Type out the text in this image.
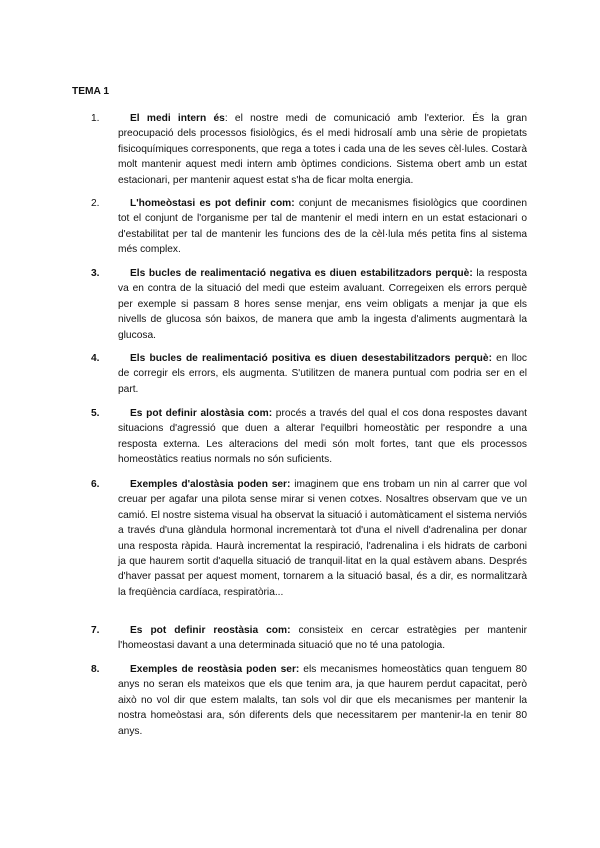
TEMA 1
1.	El medi intern és: el nostre medi de comunicació amb l'exterior. És la gran preocupació dels processos fisiològics, és el medi hidrosalí amb una sèrie de propietats fisicoquímiques corresponents, que rega a totes i cada una de les seves cèl·lules. Costarà molt mantenir aquest medi intern amb òptimes condicions. Sistema obert amb un estat estacionari, per mantenir aquest estat s'ha de ficar molta energia.
2.	L'homeòstasi es pot definir com: conjunt de mecanismes fisiològics que coordinen tot el conjunt de l'organisme per tal de mantenir el medi intern en un estat estacionari o d'estabilitat per tal de mantenir les funcions des de la cèl·lula més petita fins al sistema més complex.
3.	Els bucles de realimentació negativa es diuen estabilitzadors perquè: la resposta va en contra de la situació del medi que esteim avaluant. Corregeixen els errors perquè per exemple si passam 8 hores sense menjar, ens veim obligats a menjar ja que els nivells de glucosa són baixos, de manera que amb la ingesta d'aliments augmentarà la glucosa.
4.	Els bucles de realimentació positiva es diuen desestabilitzadors perquè: en lloc de corregir els errors, els augmenta. S'utilitzen de manera puntual com podria ser en el part.
5.	Es pot definir alostàsia com: procés a través del qual el cos dona respostes davant situacions d'agressió que duen a alterar l'equilbri homeostàtic per respondre a una resposta externa. Les alteracions del medi són molt fortes, tant que els processos homeostàtics reatius normals no són suficients.
6.	Exemples d'alostàsia poden ser: imaginem que ens trobam un nin al carrer que vol creuar per agafar una pilota sense mirar si venen cotxes. Nosaltres observam que ve un camió. El nostre sistema visual ha observat la situació i automàticament el sistema nerviós a través d'una glàndula hormonal incrementarà tot d'una el nivell d'adrenalina per donar una resposta ràpida. Haurà incrementat la respiració, l'adrenalina i els hidrats de carboni ja que haurem sortit d'aquella situació de tranquil·litat en la qual estàvem abans. Després d'haver passat per aquest moment, tornarem a la situació basal, és a dir, es normalitzarà la freqüència cardíaca, respiratòria...
7.	Es pot definir reostàsia com: consisteix en cercar estratègies per mantenir l'homeostasi davant a una determinada situació que no té una patologia.
8.	Exemples de reostàsia poden ser: els mecanismes homeostàtics quan tenguem 80 anys no seran els mateixos que els que tenim ara, ja que haurem perdut capacitat, però això no vol dir que estem malalts, tan sols vol dir que els mecanismes per mantenir la nostra homeòstasi ara, són diferents dels que necessitarem per mantenir-la en tenir 80 anys.
